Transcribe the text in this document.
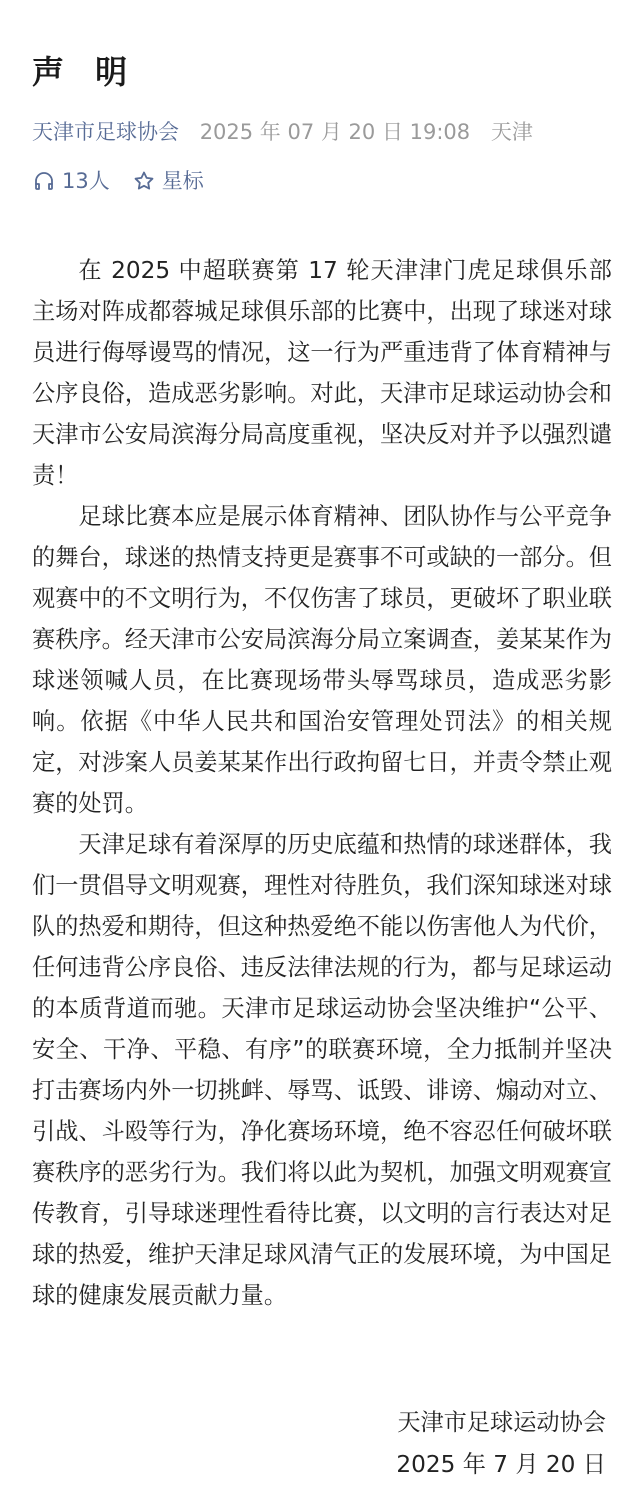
声 明
天津市足球协会 2025 年 07 月 20 日 19:08 天津
13人 星标

在 2025 中超联赛第 17 轮天津津门虎足球俱乐部主场对阵成都蓉城足球俱乐部的比赛中，出现了球迷对球员进行侮辱谩骂的情况，这一行为严重违背了体育精神与公序良俗，造成恶劣影响。对此，天津市足球运动协会和天津市公安局滨海分局高度重视，坚决反对并予以强烈谴责！

足球比赛本应是展示体育精神、团队协作与公平竞争的舞台，球迷的热情支持更是赛事不可或缺的一部分。但观赛中的不文明行为，不仅伤害了球员，更破坏了职业联赛秩序。经天津市公安局滨海分局立案调查，姜某某作为球迷领喊人员，在比赛现场带头辱骂球员，造成恶劣影响。依据《中华人民共和国治安管理处罚法》的相关规定，对涉案人员姜某某作出行政拘留七日，并责令禁止观赛的处罚。

天津足球有着深厚的历史底蕴和热情的球迷群体，我们一贯倡导文明观赛，理性对待胜负，我们深知球迷对球队的热爱和期待，但这种热爱绝不能以伤害他人为代价，任何违背公序良俗、违反法律法规的行为，都与足球运动的本质背道而驰。天津市足球运动协会坚决维护“公平、安全、干净、平稳、有序”的联赛环境，全力抵制并坚决打击赛场内外一切挑衅、辱骂、诋毁、诽谤、煽动对立、引战、斗殴等行为，净化赛场环境，绝不容忍任何破坏联赛秩序的恶劣行为。我们将以此为契机，加强文明观赛宣传教育，引导球迷理性看待比赛，以文明的言行表达对足球的热爱，维护天津足球风清气正的发展环境，为中国足球的健康发展贡献力量。

天津市足球运动协会
2025 年 7 月 20 日
